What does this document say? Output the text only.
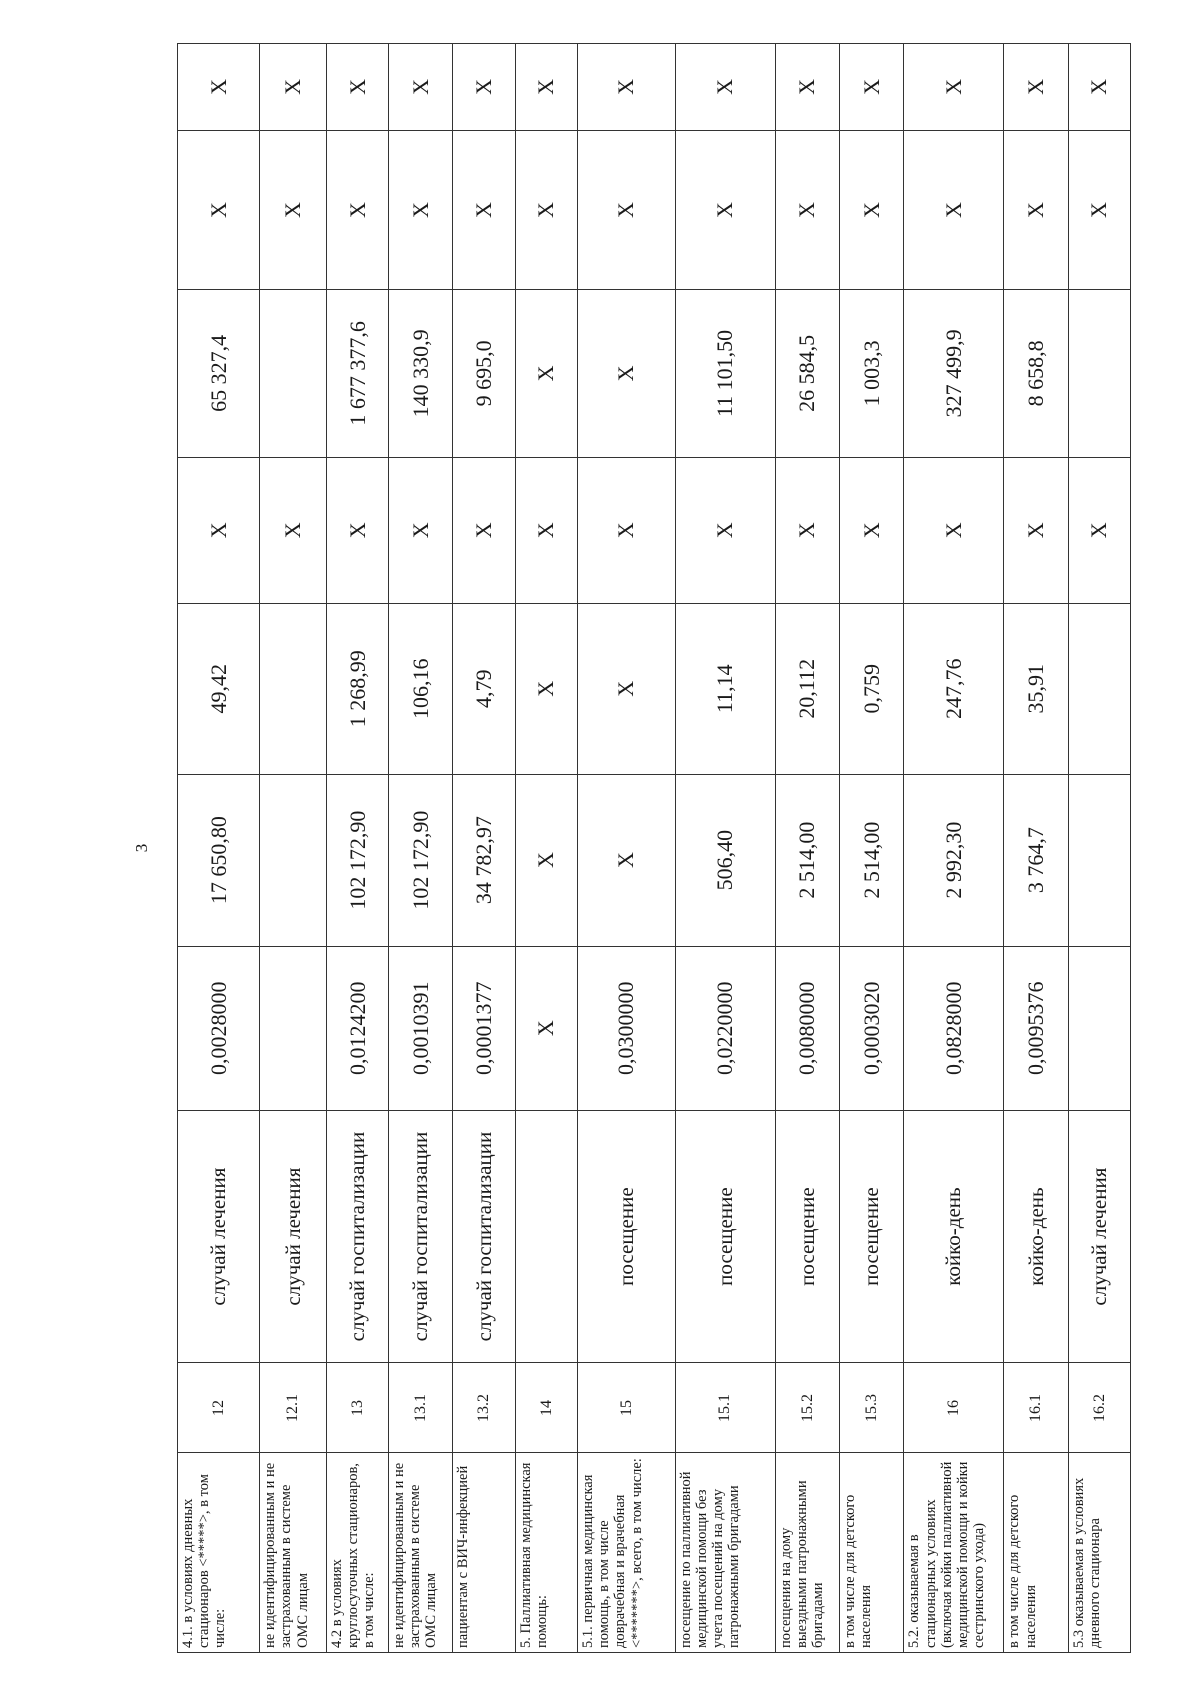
3
4.1. в условиях дневных стационаров <*****>, в том числе:	12	случай лечения	0,0028000	17 650,80	49,42	X	65 327,4	X	X
не идентифицированным и не застрахованным в системе ОМС лицам	12.1	случай лечения				X		X	X
4.2 в условиях круглосуточных стационаров, в том числе:	13	случай госпитализации	0,0124200	102 172,90	1 268,99	X	1 677 377,6	X	X
не идентифицированным и не застрахованным в системе ОМС лицам	13.1	случай госпитализации	0,0010391	102 172,90	106,16	X	140 330,9	X	X
пациентам с ВИЧ-инфекцией	13.2	случай госпитализации	0,0001377	34 782,97	4,79	X	9 695,0	X	X
5. Паллиативная медицинская помощь:	14		X	X	X	X	X	X	X
5.1. первичная медицинская помощь, в том числе доврачебная и врачебная <*******>, всего, в том числе:	15	посещение	0,0300000	X	X	X	X	X	X
посещение по паллиативной медицинской помощи без учета посещений на дому патронажными бригадами	15.1	посещение	0,0220000	506,40	11,14	X	11 101,50	X	X
посещения на дому выездными патронажными бригадами	15.2	посещение	0,0080000	2 514,00	20,112	X	26 584,5	X	X
в том числе для детского населения	15.3	посещение	0,0003020	2 514,00	0,759	X	1 003,3	X	X
5.2. оказываемая в стационарных условиях (включая койки паллиативной медицинской помощи и койки сестринского ухода)	16	койко-день	0,0828000	2 992,30	247,76	X	327 499,9	X	X
в том числе для детского населения	16.1	койко-день	0,0095376	3 764,7	35,91	X	8 658,8	X	X
5.3 оказываемая в условиях дневного стационара	16.2	случай лечения				X		X	X
